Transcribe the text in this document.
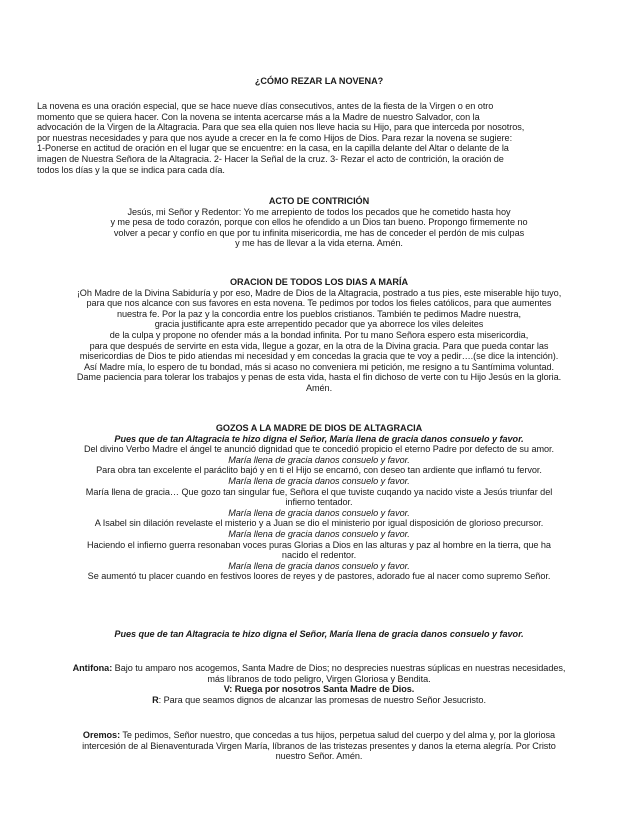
¿CÓMO REZAR LA NOVENA?

La novena es una oración especial, que se hace nueve días consecutivos, antes de la fiesta de la Virgen o en otro

momento que se quiera hacer. Con la novena se intenta acercarse más a la Madre de nuestro Salvador, con la

advocación de la Virgen de la Altagracia. Para que sea ella quien nos lleve hacia su Hijo, para que interceda por nosotros,

por nuestras necesidades y para que nos ayude a crecer en la fe como Hijos de Dios. Para rezar la novena se sugiere:

1-Ponerse en actitud de oración en el lugar que se encuentre: en la casa, en la capilla delante del Altar o delante de la

imagen de Nuestra Señora de la Altagracia. 2- Hacer la Señal de la cruz. 3- Rezar el acto de contrición, la oración de

todos los días y la que se indica para cada día.

ACTO DE CONTRICIÓN
Jesús, mi Señor y Redentor: Yo me arrepiento de todos los pecados que he cometido hasta hoy
y me pesa de todo corazón, porque con ellos he ofendido a un Dios tan bueno. Propongo firmemente no
volver a pecar y confío en que por tu infinita misericordia, me has de conceder el perdón de mis culpas
y me has de llevar a la vida eterna. Amén.
ORACION DE TODOS LOS DIAS A MARÍA
¡Oh Madre de la Divina Sabiduría y por eso, Madre de Dios de la Altagracia, postrado a tus pies, este miserable hijo tuyo,
para que nos alcance con sus favores en esta novena. Te pedimos por todos los fieles católicos, para que aumentes
nuestra fe. Por la paz y la concordia entre los pueblos cristianos. También te pedimos Madre nuestra,
gracia justificante apra este arrepentido pecador que ya aborrece los viles deleites
de la culpa y propone no ofender más a la bondad infinita. Por tu mano Señora espero esta misericordia,
para que después de servirte en esta vida, llegue a gozar, en la otra de la Divina gracia. Para que pueda contar las
misericordias de Dios te pido atiendas mi necesidad y em concedas la gracia que te voy a pedir….(se dice la intención).
Así Madre mía, lo espero de tu bondad, más si acaso no conveniera mi petición, me resigno a tu Santímima voluntad.
Dame paciencia para tolerar los trabajos y penas de esta vida, hasta el fin dichoso de verte con tu Hijo Jesús en la gloria.
Amén.
GOZOS A LA MADRE DE DIOS DE ALTAGRACIA
Pues que de tan Altagracia te hizo digna el Señor, María llena de gracia danos consuelo y favor.
Del divino Verbo Madre el ángel te anunció dignidad que te concedió propicio el eterno Padre por defecto de su amor.
María llena de gracia danos consuelo y favor.
Para obra tan excelente el paráclito bajó y en ti el Hijo se encarnó, con deseo tan ardiente que inflamó tu fervor.
María llena de gracia danos consuelo y favor.
María llena de gracia… Que gozo tan singular fue, Señora el que tuviste cuqando ya nacido viste a Jesús triunfar del
infierno tentador.
María llena de gracia danos consuelo y favor.
A Isabel sin dilación revelaste el misterio y a Juan se dio el ministerio por igual disposición de glorioso precursor.
María llena de gracia danos consuelo y favor.
Haciendo el infierno guerra resonaban voces puras Glorias a Dios en las alturas y paz al hombre en la tierra, que ha
nacido el redentor.
María llena de gracia danos consuelo y favor.
Se aumentó tu placer cuando en festivos loores de reyes y de pastores, adorado fue al nacer como supremo Señor.
Pues que de tan Altagracia te hizo digna el Señor, María llena de gracia danos consuelo y favor.
Antifona: Bajo tu amparo nos acogemos, Santa Madre de Dios; no desprecies nuestras súplicas en nuestras necesidades,
más líbranos de todo peligro, Virgen Gloriosa y Bendita.
V: Ruega por nosotros Santa Madre de Dios.
R: Para que seamos dignos de alcanzar las promesas de nuestro Señor Jesucristo.
Oremos: Te pedimos, Señor nuestro, que concedas a tus hijos, perpetua salud del cuerpo y del alma y, por la gloriosa
intercesión de al Bienaventurada Virgen María, líbranos de las tristezas presentes y danos la eterna alegría. Por Cristo
nuestro Señor. Amén.
